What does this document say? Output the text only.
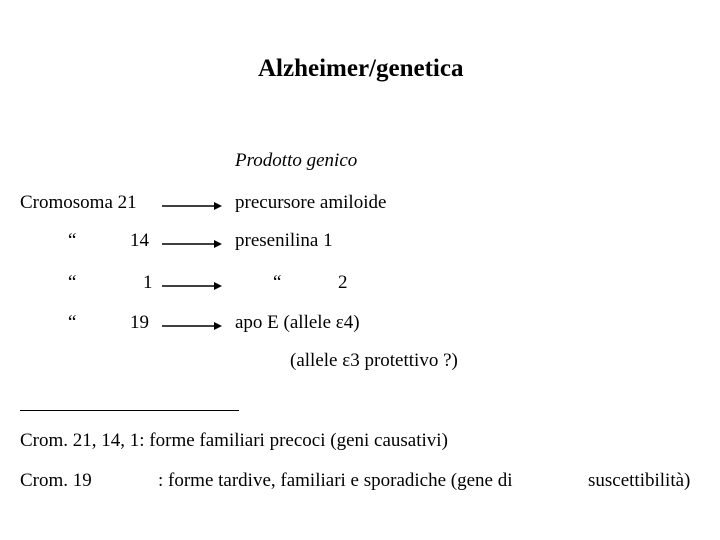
Alzheimer/genetica
Prodotto genico
Cromosoma 21	precursore amiloide
“	14	presenilina 1
“	1	“	2
“	19	apo E (allele ε4)
(allele ε3 protettivo ?)
Crom. 21, 14, 1: forme familiari precoci (geni causativi)
Crom. 19	: forme tardive, familiari e sporadiche (gene di	suscettibilità)
